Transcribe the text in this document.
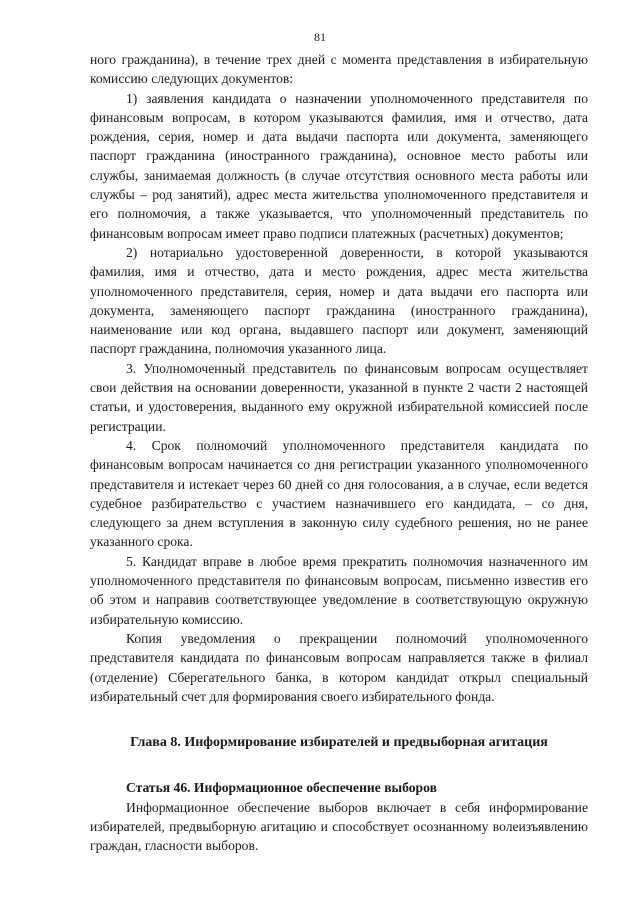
81

ного гражданина), в течение трех дней с момента представления в избирательную комиссию следующих документов:

1) заявления кандидата о назначении уполномоченного представителя по финансовым вопросам, в котором указываются фамилия, имя и отчество, дата рождения, серия, номер и дата выдачи паспорта или документа, заменяющего паспорт гражданина (иностранного гражданина), основное место работы или службы, занимаемая должность (в случае отсутствия основного места работы или службы – род занятий), адрес места жительства уполномоченного представителя и его полномочия, а также указывается, что уполномоченный представитель по финансовым вопросам имеет право подписи платежных (расчетных) документов;

2) нотариально удостоверенной доверенности, в которой указываются фамилия, имя и отчество, дата и место рождения, адрес места жительства уполномоченного представителя, серия, номер и дата выдачи его паспорта или документа, заменяющего паспорт гражданина (иностранного гражданина), наименование или код органа, выдавшего паспорт или документ, заменяющий паспорт гражданина, полномочия указанного лица.

3. Уполномоченный представитель по финансовым вопросам осуществляет свои действия на основании доверенности, указанной в пункте 2 части 2 настоящей статьи, и удостоверения, выданного ему окружной избирательной комиссией после регистрации.

4. Срок полномочий уполномоченного представителя кандидата по финансовым вопросам начинается со дня регистрации указанного уполномоченного представителя и истекает через 60 дней со дня голосования, а в случае, если ведется судебное разбирательство с участием назначившего его кандидата, – со дня, следующего за днем вступления в законную силу судебного решения, но не ранее указанного срока.

5. Кандидат вправе в любое время прекратить полномочия назначенного им уполномоченного представителя по финансовым вопросам, письменно известив его об этом и направив соответствующее уведомление в соответствующую окружную избирательную комиссию.

Копия уведомления о прекращении полномочий уполномоченного представителя кандидата по финансовым вопросам направляется также в филиал (отделение) Сберегательного банка, в котором кандидат открыл специальный избирательный счет для формирования своего избирательного фонда.

Глава 8. Информирование избирателей и предвыборная агитация

Статья 46. Информационное обеспечение выборов

Информационное обеспечение выборов включает в себя информирование избирателей, предвыборную агитацию и способствует осознанному волеизъявлению граждан, гласности выборов.
